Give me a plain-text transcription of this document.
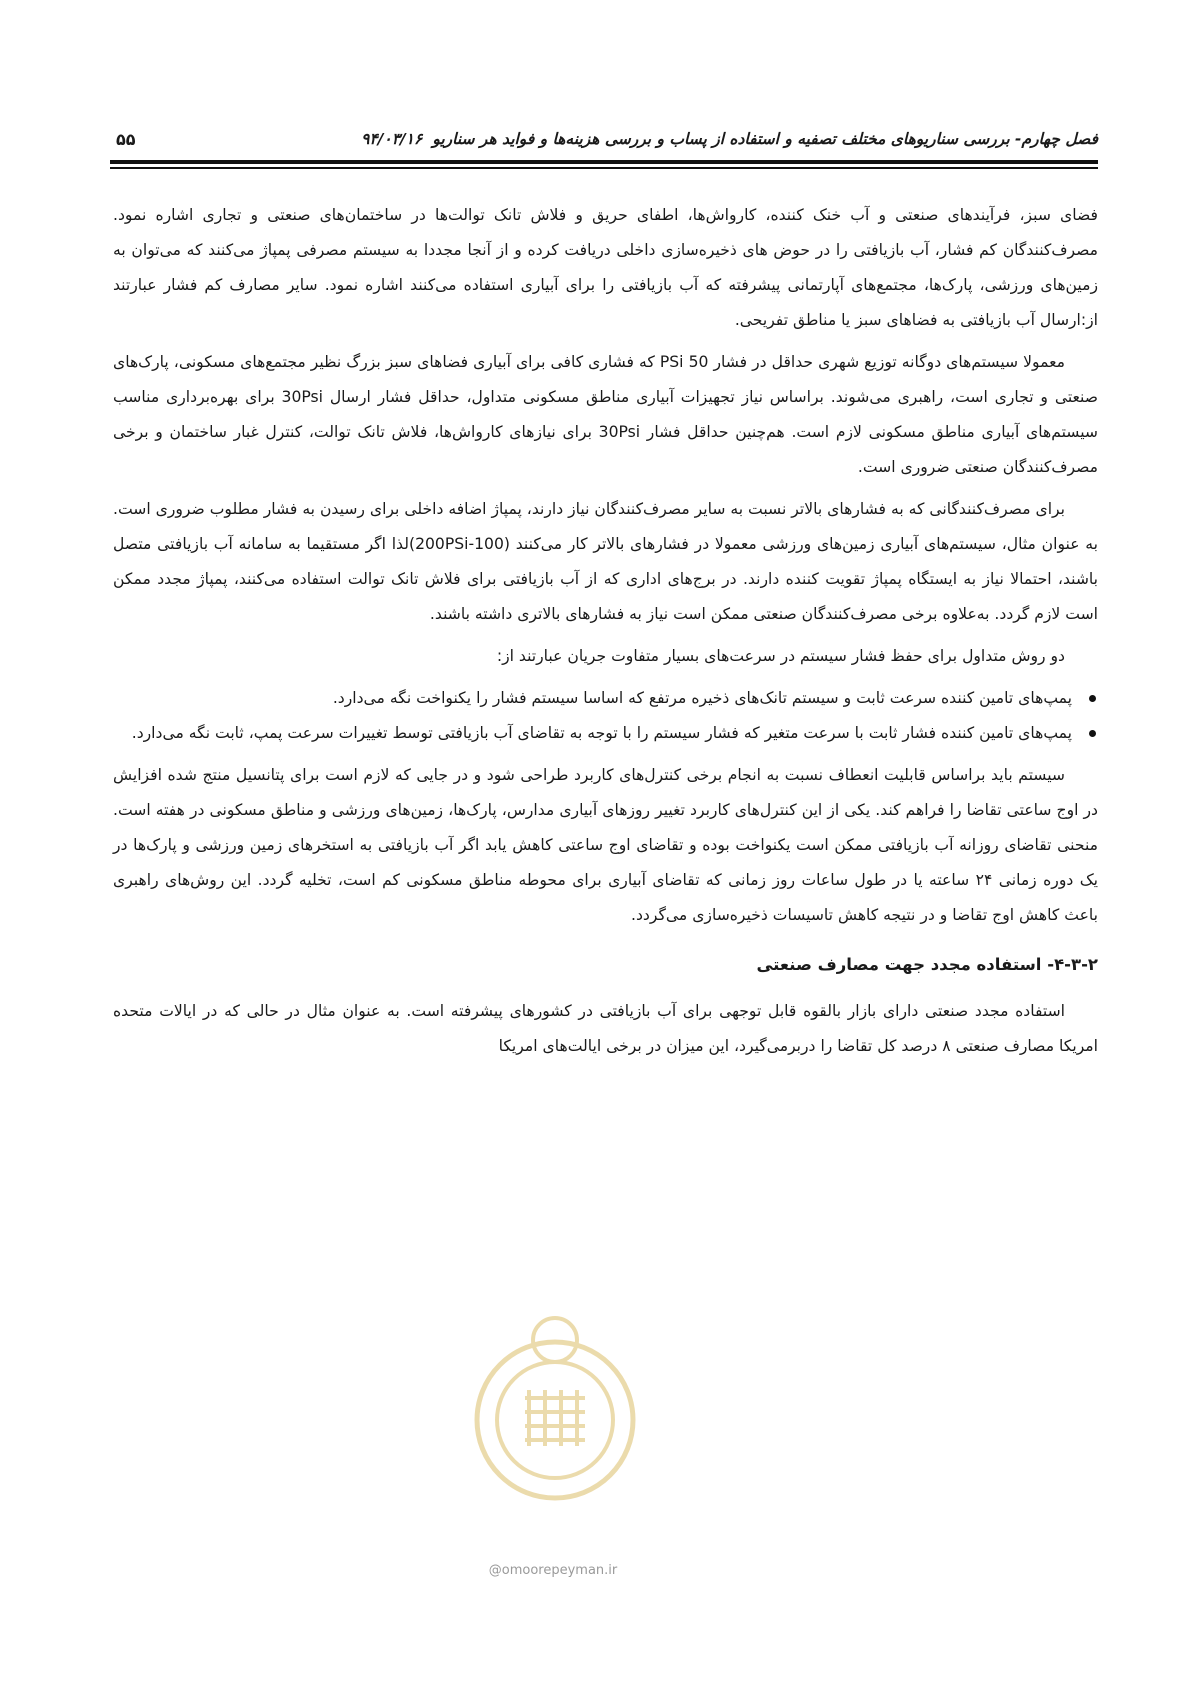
فصل چهارم- بررسی سناریوهای مختلف تصفیه و استفاده از پساب و بررسی هزینه‌ها و فواید هر سناریو۹۴/۰۳/۱۶
۵۵

فضای سبز، فرآیندهای صنعتی و آب خنک کننده، کارواش‌ها، اطفای حریق و فلاش تانک توالت‌ها در ساختمان‌های صنعتی و تجاری اشاره نمود. مصرف‌کنندگان کم فشار، آب بازیافتی را در حوض های ذخیره‌سازی داخلی دریافت کرده و از آنجا مجددا به سیستم مصرفی پمپاژ می‌کنند که می‌توان به زمین‌های ورزشی، پارک‌ها، مجتمع‌های آپارتمانی پیشرفته که آب بازیافتی را برای آبیاری استفاده می‌کنند اشاره نمود. سایر مصارف کم فشار عبارتند از:ارسال آب بازیافتی به فضاهای سبز یا مناطق تفریحی.

معمولا سیستم‌های دوگانه توزیع شهری حداقل در فشار 50 PSi که فشاری کافی برای آبیاری فضاهای سبز بزرگ نظیر مجتمع‌های مسکونی، پارک‌های صنعتی و تجاری است، راهبری می‌شوند. براساس نیاز تجهیزات آبیاری مناطق مسکونی متداول، حداقل فشار ارسال 30Psi برای بهره‌برداری مناسب سیستم‌های آبیاری مناطق مسکونی لازم است. هم‌چنین حداقل فشار 30Psi برای نیازهای کارواش‌ها، فلاش تانک توالت، کنترل غبار ساختمان و برخی مصرف‌کنندگان صنعتی ضروری است.

برای مصرف‌کنندگانی که به فشارهای بالاتر نسبت به سایر مصرف‌کنندگان نیاز دارند، پمپاژ اضافه داخلی برای رسیدن به فشار مطلوب ضروری است. به عنوان مثال، سیستم‌های آبیاری زمین‌های ورزشی معمولا در فشارهای بالاتر کار می‌کنند (100-200PSi)لذا اگر مستقیما به سامانه آب بازیافتی متصل باشند، احتمالا نیاز به ایستگاه پمپاژ تقویت کننده دارند. در برج‌های اداری که از آب بازیافتی برای فلاش تانک توالت استفاده می‌کنند، پمپاژ مجدد ممکن است لازم گردد. به‌علاوه برخی مصرف‌کنندگان صنعتی ممکن است نیاز به فشارهای بالاتری داشته باشند.

دو روش متداول برای حفظ فشار سیستم در سرعت‌های بسیار متفاوت جریان عبارتند از:

پمپ‌های تامین کننده سرعت ثابت و سیستم تانک‌های ذخیره مرتفع که اساسا سیستم فشار را یکنواخت نگه می‌دارد.
پمپ‌های تامین کننده فشار ثابت با سرعت متغیر که فشار سیستم را با توجه به تقاضای آب بازیافتی توسط تغییرات سرعت پمپ، ثابت نگه می‌دارد.

سیستم باید براساس قابلیت انعطاف نسبت به انجام برخی کنترل‌های کاربرد طراحی شود و در جایی که لازم است برای پتانسیل منتج شده افزایش در اوج ساعتی تقاضا را فراهم کند. یکی از این کنترل‌های کاربرد تغییر روزهای آبیاری مدارس، پارک‌ها، زمین‌های ورزشی و مناطق مسکونی در هفته است. منحنی تقاضای روزانه آب بازیافتی ممکن است یکنواخت بوده و تقاضای اوج ساعتی کاهش یابد اگر آب بازیافتی به استخرهای زمین ورزشی و پارک‌ها در یک دوره زمانی ۲۴ ساعته یا در طول ساعات روز زمانی که تقاضای آبیاری برای محوطه مناطق مسکونی کم است، تخلیه گردد. این روش‌های راهبری باعث کاهش اوج تقاضا و در نتیجه کاهش تاسیسات ذخیره‌سازی می‌گردد.

۴-۳-۲- استفاده مجدد جهت مصارف صنعتی

استفاده مجدد صنعتی دارای بازار بالقوه قابل توجهی برای آب بازیافتی در کشورهای پیشرفته است. به عنوان مثال در حالی که در ایالات متحده امریکا مصارف صنعتی ۸ درصد کل تقاضا را دربرمی‌گیرد، این میزان در برخی ایالت‌های امریکا

@omoorepeyman.ir
